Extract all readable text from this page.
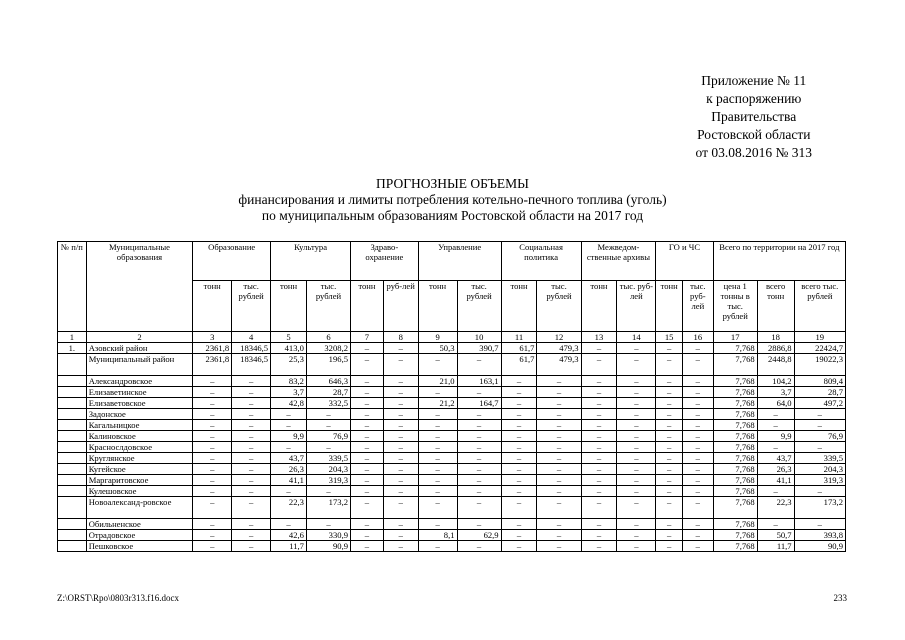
Приложение № 11
к распоряжению
Правительства
Ростовской области
от 03.08.2016 № 313
ПРОГНОЗНЫЕ ОБЪЕМЫ
финансирования и лимиты потребления котельно-печного топлива (уголь)
по муниципальным образованиям Ростовской области на 2017 год
№ п/п	Муниципальные образования	Образование		Культура		Здраво-охранение		Управление		Социальная политика		Межведом-ственные архивы		ГО и ЧС		Всего по территории на 2017 год		
		тонн	тыс. рублей	тонн	тыс. рублей	тонн	руб-лей	тонн	тыс. рублей	тонн	тыс. рублей	тонн	тыс. руб-лей	тонн	тыс. руб-лей	цена 1 тонны в тыс. рублей	всего тонн	всего тыс. рублей
1	2	3	4	5	6	7	8	9	10	11	12	13	14	15	16	17	18	19
1.	Азовский район	2361,8	18346,5	413,0	3208,2	–	–	50,3	390,7	61,7	479,3	–	–	–	–	7,768	2886,8	22424,7
	Муниципальный район	2361,8	18346,5	25,3	196,5	–	–	–	–	61,7	479,3	–	–	–	–	7,768	2448,8	19022,3
	Александровское	–	–	83,2	646,3	–	–	21,0	163,1	–	–	–	–	–	–	7,768	104,2	809,4
	Елизаветинское	–	–	3,7	28,7	–	–	–	–	–	–	–	–	–	–	7,768	3,7	28,7
	Елизаветовское	–	–	42,8	332,5	–	–	21,2	164,7	–	–	–	–	–	–	7,768	64,0	497,2
	Задонское	–	–	–	–	–	–	–	–	–	–	–	–	–	–	7,768	–	–
	Кагальницкое	–	–	–	–	–	–	–	–	–	–	–	–	–	–	7,768	–	–
	Калиновское	–	–	9,9	76,9	–	–	–	–	–	–	–	–	–	–	7,768	9,9	76,9
	Краснослдовское	–	–	–	–	–	–	–	–	–	–	–	–	–	–	7,768	–	–
	Круглянское	–	–	43,7	339,5	–	–	–	–	–	–	–	–	–	–	7,768	43,7	339,5
	Кугейское	–	–	26,3	204,3	–	–	–	–	–	–	–	–	–	–	7,768	26,3	204,3
	Маргаритовское	–	–	41,1	319,3	–	–	–	–	–	–	–	–	–	–	7,768	41,1	319,3
	Кулешовское	–	–	–	–	–	–	–	–	–	–	–	–	–	–	7,768	–	–
	Новоалександ-ровское	–	–	22,3	173,2	–	–	–	–	–	–	–	–	–	–	7,768	22,3	173,2
	Обильненское	–	–	–	–	–	–	–	–	–	–	–	–	–	–	7,768	–	–
	Отрадовское	–	–	42,6	330,9	–	–	8,1	62,9	–	–	–	–	–	–	7,768	50,7	393,8
	Пешковское	–	–	11,7	90,9	–	–	–	–	–	–	–	–	–	–	7,768	11,7	90,9
Z:\ORST\Rpo\0803r313.f16.docx	233
